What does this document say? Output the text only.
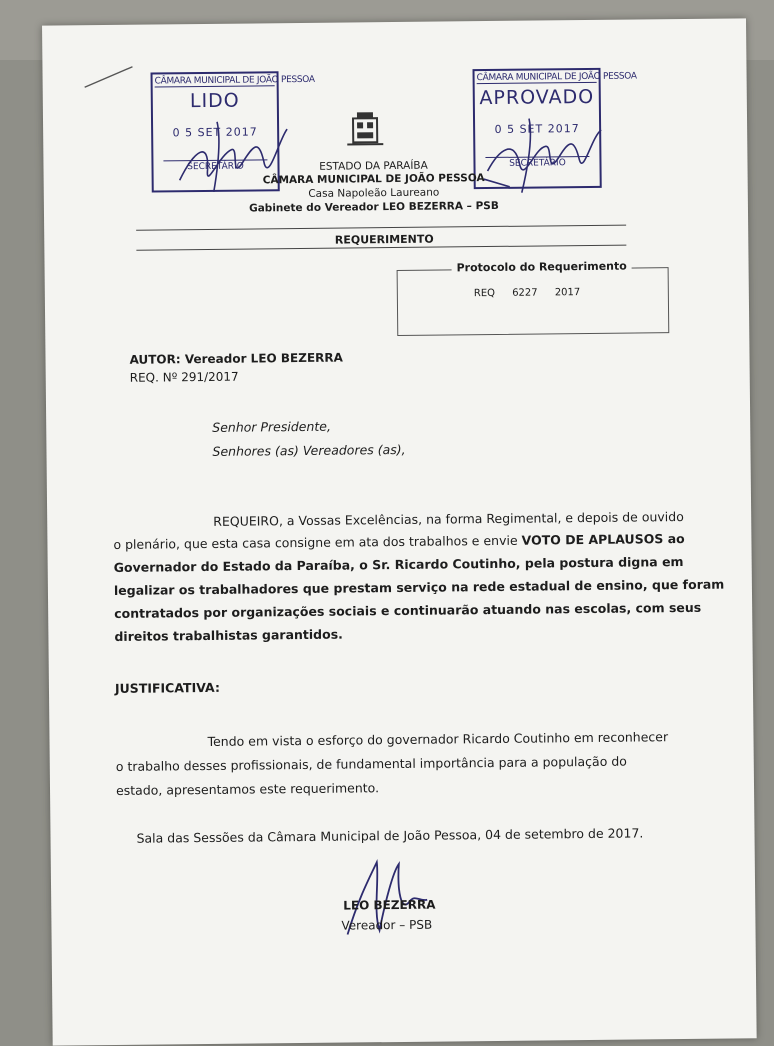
CÂMARA MUNICIPAL DE JOÃO PESSOA
LIDO
0 5 SET 2017
SECRETÁRIO
CÂMARA MUNICIPAL DE JOÃO PESSOA
APROVADO
0 5 SET 2017
SECRETÁRIO
ESTADO DA PARAÍBA
CÂMARA MUNICIPAL DE JOÃO PESSOA
Casa Napoleão Laureano
Gabinete do Vereador LEO BEZERRA – PSB
REQUERIMENTO
Protocolo do Requerimento
REQ 6227 2017
AUTOR: Vereador LEO BEZERRA
REQ. Nº 291/2017
Senhor Presidente,
Senhores (as) Vereadores (as),
REQUEIRO, a Vossas Excelências, na forma Regimental, e depois de ouvido
o plenário, que esta casa consigne em ata dos trabalhos e envie VOTO DE APLAUSOS ao
Governador do Estado da Paraíba, o Sr. Ricardo Coutinho, pela postura digna em
legalizar os trabalhadores que prestam serviço na rede estadual de ensino, que foram
contratados por organizações sociais e continuarão atuando nas escolas, com seus
direitos trabalhistas garantidos.
JUSTIFICATIVA:
Tendo em vista o esforço do governador Ricardo Coutinho em reconhecer
o trabalho desses profissionais, de fundamental importância para a população do
estado, apresentamos este requerimento.
Sala das Sessões da Câmara Municipal de João Pessoa, 04 de setembro de 2017.
LEO BEZERRA
Vereador – PSB
